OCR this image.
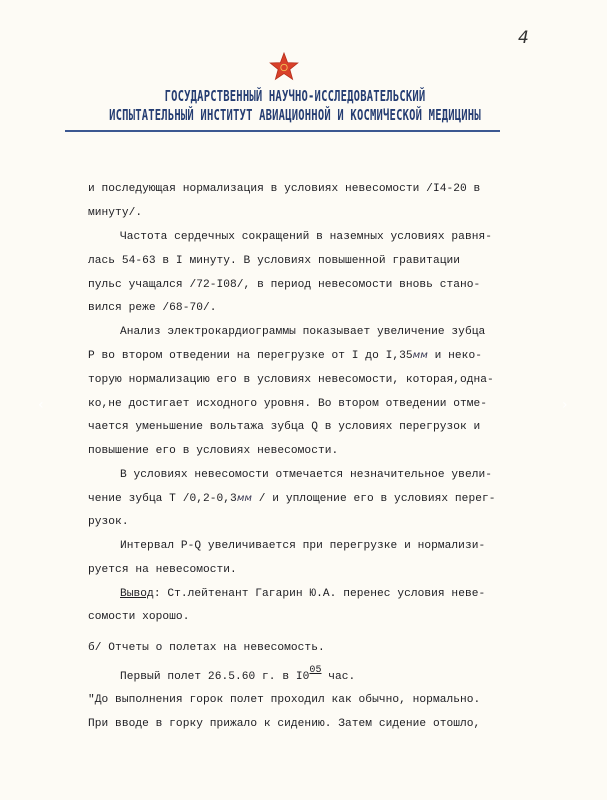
4
ГОСУДАРСТВЕННЫЙ НАУЧНО-ИССЛЕДОВАТЕЛЬСКИЙ
ИСПЫТАТЕЛЬНЫЙ ИНСТИТУТ АВИАЦИОННОЙ И КОСМИЧЕСКОЙ МЕДИЦИНЫ
и последующая нормализация в условиях невесомости /I4-20 в
минуту/.
Частота сердечных сокращений в наземных условиях равня-
лась 54-63 в I минуту. В условиях повышенной гравитации
пульс учащался /72-I08/, в период невесомости вновь стано-
вился реже /68-70/.
Анализ электрокардиограммы показывает увеличение зубца
Р во втором отведении на перегрузке от I до I,35мм и неко-
торую нормализацию его в условиях невесомости, которая,одна-
ко,не достигает исходного уровня. Во втором отведении отме-
чается уменьшение вольтажа зубца Q в условиях перегрузок и
повышение его в условиях невесомости.
В условиях невесомости отмечается незначительное увели-
чение зубца Т /0,2-0,3мм / и уплощение его в условиях перег-
рузок.
Интервал Р-Q увеличивается при перегрузке и нормализи-
руется на невесомости.
Вывод: Ст.лейтенант Гагарин Ю.А. перенес условия невe-
сомости хорошо.
б/ Отчеты о полетах на невесомость.
Первый полет 26.5.60 г. в I005 час.
"До выполнения горок полет проходил как обычно, нормально.
При вводе в горку прижало к сидению. Затем сидение отошло,
‹	›
